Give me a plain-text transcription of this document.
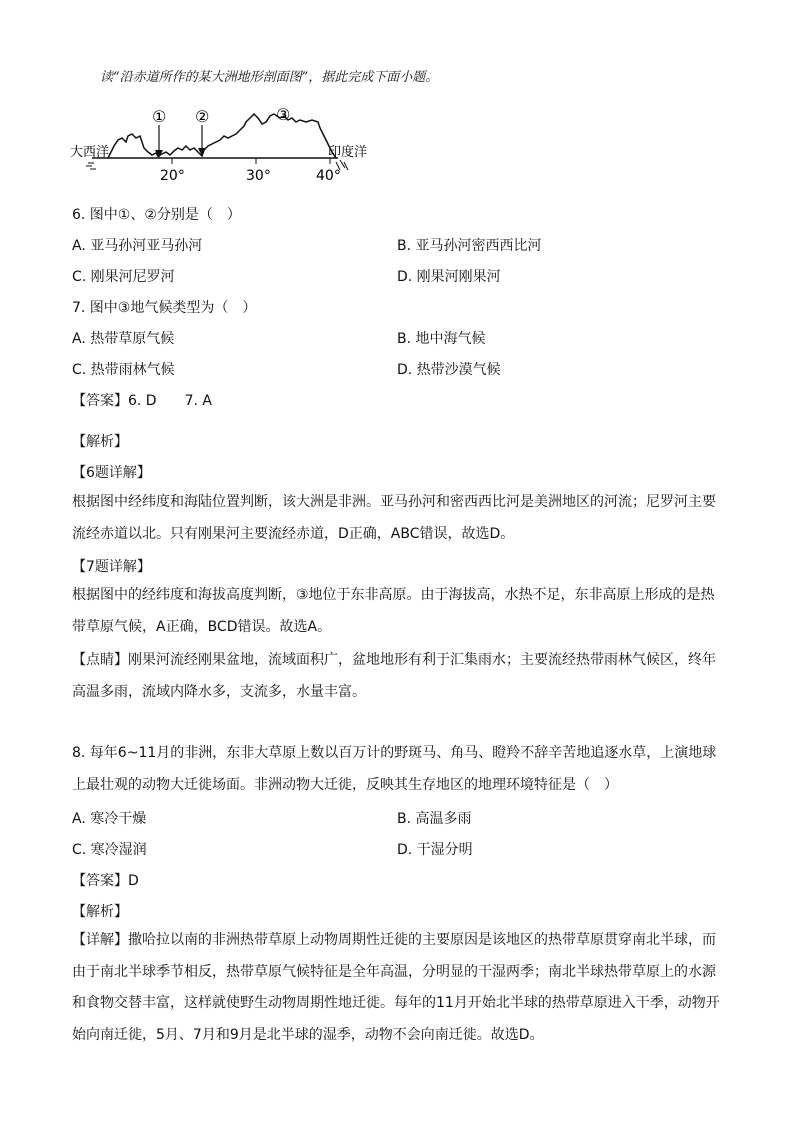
读“沿赤道所作的某大洲地形剖面图”，据此完成下面小题。
大西洋	印度洋
① ②	③
20°	30°	40°
6. 图中①、②分别是（　）
A. 亚马孙河亚马孙河	B. 亚马孙河密西西比河
C. 刚果河尼罗河	D. 刚果河刚果河
7. 图中③地气候类型为（　）
A. 热带草原气候	B. 地中海气候
C. 热带雨林气候	D. 热带沙漠气候
【答案】6. D　　7. A
【解析】
【6题详解】

根据图中经纬度和海陆位置判断，该大洲是非洲。亚马孙河和密西西比河是美洲地区的河流；尼罗河主要流经赤道以北。只有刚果河主要流经赤道，D正确，ABC错误，故选D。

【7题详解】

根据图中的经纬度和海拔高度判断，③地位于东非高原。由于海拔高，水热不足，东非高原上形成的是热带草原气候，A正确，BCD错误。故选A。

【点睛】刚果河流经刚果盆地，流域面积广，盆地地形有利于汇集雨水；主要流经热带雨林气候区，终年高温多雨，流域内降水多，支流多，水量丰富。

8. 每年6~11月的非洲，东非大草原上数以百万计的野斑马、角马、瞪羚不辞辛苦地追逐水草，上演地球上最壮观的动物大迁徙场面。非洲动物大迁徙，反映其生存地区的地理环境特征是（　）

A. 寒冷干燥	B. 高温多雨
C. 寒冷湿润	D. 干湿分明
【答案】D
【解析】

【详解】撒哈拉以南的非洲热带草原上动物周期性迁徙的主要原因是该地区的热带草原贯穿南北半球，而由于南北半球季节相反，热带草原气候特征是全年高温，分明显的干湿两季；南北半球热带草原上的水源和食物交替丰富，这样就使野生动物周期性地迁徙。每年的11月开始北半球的热带草原进入干季，动物开始向南迁徙，5月、7月和9月是北半球的湿季，动物不会向南迁徙。故选D。
